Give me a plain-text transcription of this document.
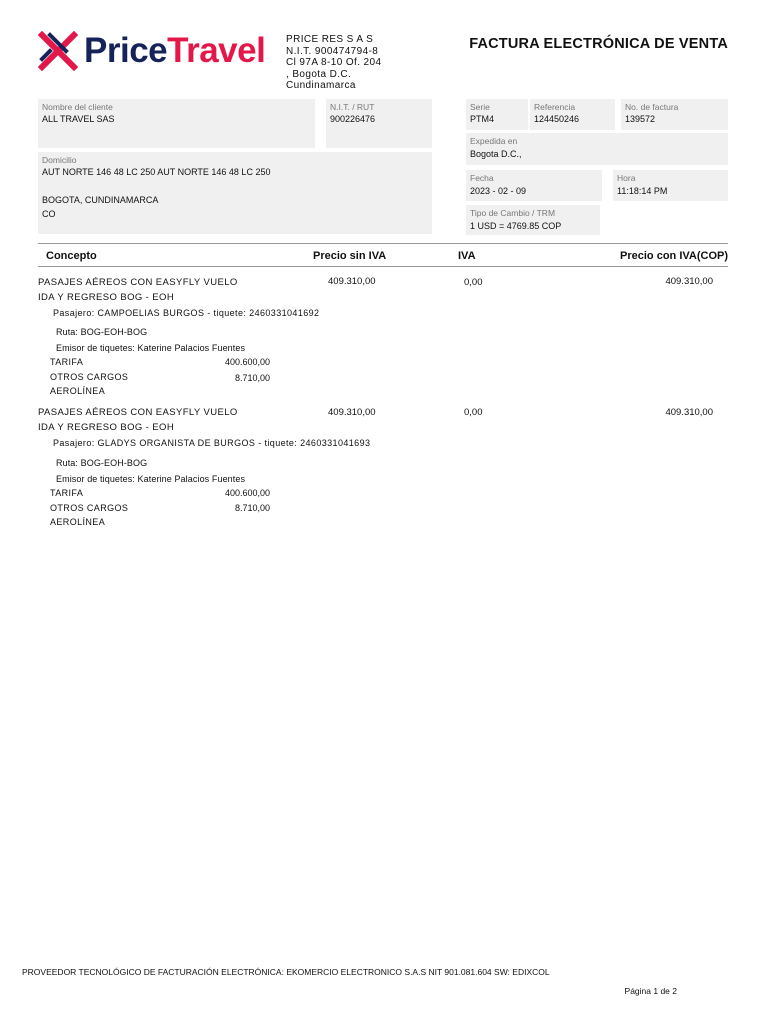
PriceTravel PRICE RES S A S
N.I.T. 900474794-8
Cl 97A 8-10 Of. 204
, Bogota D.C.
Cundinamarca
FACTURA ELECTRÓNICA DE VENTA
Nombre del cliente
ALL TRAVEL SAS
N.I.T. / RUT
900226476
Domicilio
AUT NORTE 146 48 LC 250 AUT NORTE 146 48 LC 250
BOGOTA, CUNDINAMARCA
CO
Serie
PTM4
Referencia
124450246
No. de factura
139572
Expedida en
Bogota D.C.,
Fecha
2023 - 02 - 09
Hora
11:18:14 PM
Tipo de Cambio / TRM
1 USD = 4769.85 COP
Concepto	Precio sin IVA	IVA	Precio con IVA(COP)
PASAJES AÉREOS CON EASYFLY VUELO
IDA Y REGRESO BOG - EOH
Pasajero: CAMPOELIAS BURGOS - tiquete: 2460331041692
Ruta: BOG-EOH-BOG
Emisor de tiquetes: Katerine Palacios Fuentes
TARIFA	400.600,00
OTROS CARGOS	8.710,00
AEROLÍNEA
409.310,00	0,00	409.310,00
PASAJES AÉREOS CON EASYFLY VUELO
IDA Y REGRESO BOG - EOH
Pasajero: GLADYS ORGANISTA DE BURGOS - tiquete: 2460331041693
Ruta: BOG-EOH-BOG
Emisor de tiquetes: Katerine Palacios Fuentes
TARIFA	400.600,00
OTROS CARGOS	8.710,00
AEROLÍNEA
409.310,00	0,00	409.310,00
PROVEEDOR TECNOLÓGICO DE FACTURACIÓN ELECTRÓNICA: EKOMERCIO ELECTRONICO S.A.S NIT 901.081.604 SW: EDIXCOL
Página 1 de 2
